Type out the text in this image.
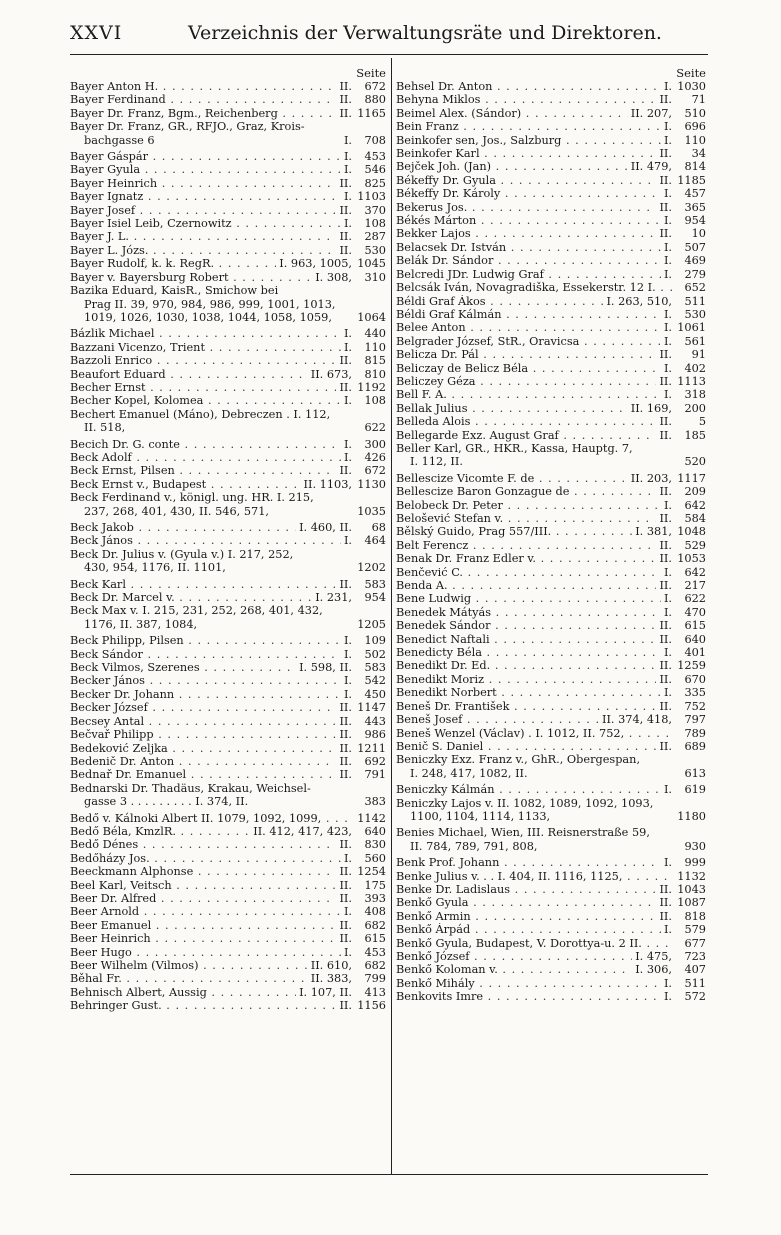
XXVI	Verzeichnis der Verwaltungsräte und Direktoren.
Seite
Bayer Anton H. . . .	II. 672
Bayer Ferdinand . . .	II. 880
Bayer Dr. Franz, Bgm., Reichenberg . . .	II. 1165
Bayer Dr. Franz, GR., RFJO., Graz, Krois-
bachgasse 6	I. 708
Bayer Gáspár . . .	I. 453
Bayer Gyula . . .	I. 546
Bayer Heinrich . . .	II. 825
Bayer Ignatz . . .	I. 1103
Bayer Josef . . .	II. 370
Bayer Isiel Leib, Czernowitz . . .	I. 108
Bayer J. L. . . .	II. 287
Bayer L. Józs. . . .	II. 530
Bayer Rudolf, k. k. RegR. . . .	I. 963, 1005, 1045
Bayer v. Bayersburg Robert . . .	I. 308, 310
Bazika Eduard, KaisR., Smichow bei
Prag II. 39, 970, 984, 986, 999, 1001, 1013, 1019, 1026, 1030, 1038, 1044, 1058, 1059,	1064
Bázlik Michael . . .	I. 440
Bazzani Vicenzo, Trient . . .	I. 110
Bazzoli Enrico . . .	II. 815
Beaufort Eduard . . .	II. 673, 810
Becher Ernst . . .	II. 1192
Becher Kopel, Kolomea . . .	I. 108
Bechert Emanuel (Máno), Debreczen . I. 112,
II. 518,	622
Becich Dr. G. conte . . .	I. 300
Beck Adolf . . .	I. 426
Beck Ernst, Pilsen . . .	II. 672
Beck Ernst v., Budapest . . .	II. 1103, 1130
Beck Ferdinand v., königl. ung. HR. I. 215,
237, 268, 401, 430, II. 546, 571,	1035
Beck Jakob . . .	I. 460, II. 68
Beck János . . .	I. 464
Beck Dr. Julius v. (Gyula v.) I. 217, 252,
430, 954, 1176, II. 1101,	1202
Beck Karl . . .	II. 583
Beck Dr. Marcel v. . . .	I. 231, 954
Beck Max v. I. 215, 231, 252, 268, 401, 432,
1176, II. 387, 1084,	1205
Beck Philipp, Pilsen . . .	I. 109
Beck Sándor . . .	I. 502
Beck Vilmos, Szerenes . . .	I. 598, II. 583
Becker János . . .	I. 542
Becker Dr. Johann . . .	I. 450
Becker József . . .	II. 1147
Becsey Antal . . .	II. 443
Bečvař Philipp . . .	II. 986
Bedeković Zeljka . . .	II. 1211
Bedenič Dr. Anton . . .	II. 692
Bednař Dr. Emanuel . . .	II. 791
Bednarski Dr. Thadäus, Krakau, Weichsel-
gasse 3 . . . . . . . . . I. 374, II.	383
Bedő v. Kálnoki Albert II. 1079, 1092, 1099, . . .	1142
Bedő Béla, KmzlR. . . .	II. 412, 417, 423, 640
Bedő Dénes . . .	II. 830
Bedőházy Jos. . . .	I. 560
Beeckmann Alphonse . . .	II. 1254
Beel Karl, Veitsch . . .	II. 175
Beer Dr. Alfred . . .	II. 393
Beer Arnold . . .	I. 408
Beer Emanuel . . .	II. 682
Beer Heinrich . . .	II. 615
Beer Hugo . . .	I. 453
Beer Wilhelm (Vilmos) . . .	II. 610, 682
Běhal Fr. . . .	II. 383, 799
Behnisch Albert, Aussig . . .	I. 107, II. 413
Behringer Gust. . . .	II. 1156
Seite
Behsel Dr. Anton . . .	I. 1030
Behyna Miklos . . .	II. 71
Beimel Alex. (Sándor) . . .	II. 207, 510
Bein Franz . . .	I. 696
Beinkofer sen, Jos., Salzburg . . .	I. 110
Beinkofer Karl . . .	II. 34
Bejček Joh. (Jan) . . .	II. 479, 814
Békeffy Dr. Gyula . . .	II. 1185
Békeffy Dr. Károly . . .	I. 457
Bekerus Jos. . . .	II. 365
Békés Márton . . .	I. 954
Bekker Lajos . . .	II. 10
Belacsek Dr. István . . .	I. 507
Belák Dr. Sándor . . .	I. 469
Belcredi JDr. Ludwig Graf . . .	I. 279
Belcsák Iván, Novagradiška, Essekerstr. 12 I. . . .	652
Béldi Graf Ákos . . .	I. 263, 510, 511
Béldi Graf Kálmán . . .	I. 530
Belee Anton . . .	I. 1061
Belgrader József, StR., Oravicsa . . .	I. 561
Belicza Dr. Pál . . .	II. 91
Beliczay de Belicz Béla . . .	I. 402
Beliczey Géza . . .	II. 1113
Bell F. A. . . .	I. 318
Bellak Julius . . .	II. 169, 200
Belleda Alois . . .	II. 5
Bellegarde Exz. August Graf . . .	II. 185
Beller Karl, GR., HKR., Kassa, Hauptg. 7,
I. 112, II.	520
Bellescize Vicomte F. de . . .	II. 203, 1117
Bellescize Baron Gonzague de . . .	II. 209
Belobeck Dr. Peter . . .	I. 642
Belošević Stefan v. . . .	II. 584
Bělský Guido, Prag 557/III. . . .	I. 381, 1048
Belt Ferencz . . .	II. 529
Benak Dr. Franz Edler v. . . .	II. 1053
Benčević C. . . .	I. 642
Benda A. . . .	II. 217
Bene Ludwig . . .	I. 622
Benedek Mátyás . . .	I. 470
Benedek Sándor . . .	II. 615
Benedict Naftali . . .	II. 640
Benedicty Béla . . .	I. 401
Benedikt Dr. Ed. . . .	II. 1259
Benedikt Moriz . . .	II. 670
Benedikt Norbert . . .	I. 335
Beneš Dr. František . . .	II. 752
Beneš Josef . . .	II. 374, 418, 797
Beneš Wenzel (Václav) . I. 1012, II. 752, . . .	789
Benič S. Daniel . . .	II. 689
Beniczky Exz. Franz v., GhR., Obergespan,
I. 248, 417, 1082, II.	613
Beniczky Kálmán . . .	I. 619
Beniczky Lajos v. II. 1082, 1089, 1092, 1093,
1100, 1104, 1114, 1133,	1180
Benies Michael, Wien, III. Reisnerstraße 59,
II. 784, 789, 791, 808,	930
Benk Prof. Johann . . .	I. 999
Benke Julius v. . . I. 404, II. 1116, 1125, . . .	1132
Benke Dr. Ladislaus . . .	II. 1043
Benkő Gyula . . .	II. 1087
Benkő Armin . . .	II. 818
Benkő Árpád . . .	I. 579
Benkő Gyula, Budapest, V. Dorottya-u. 2 II. . . .	677
Benkő József . . .	I. 475, 723
Benkő Koloman v. . . .	I. 306, 407
Benkő Mihály . . .	I. 511
Benkovits Imre . . .	I. 572
